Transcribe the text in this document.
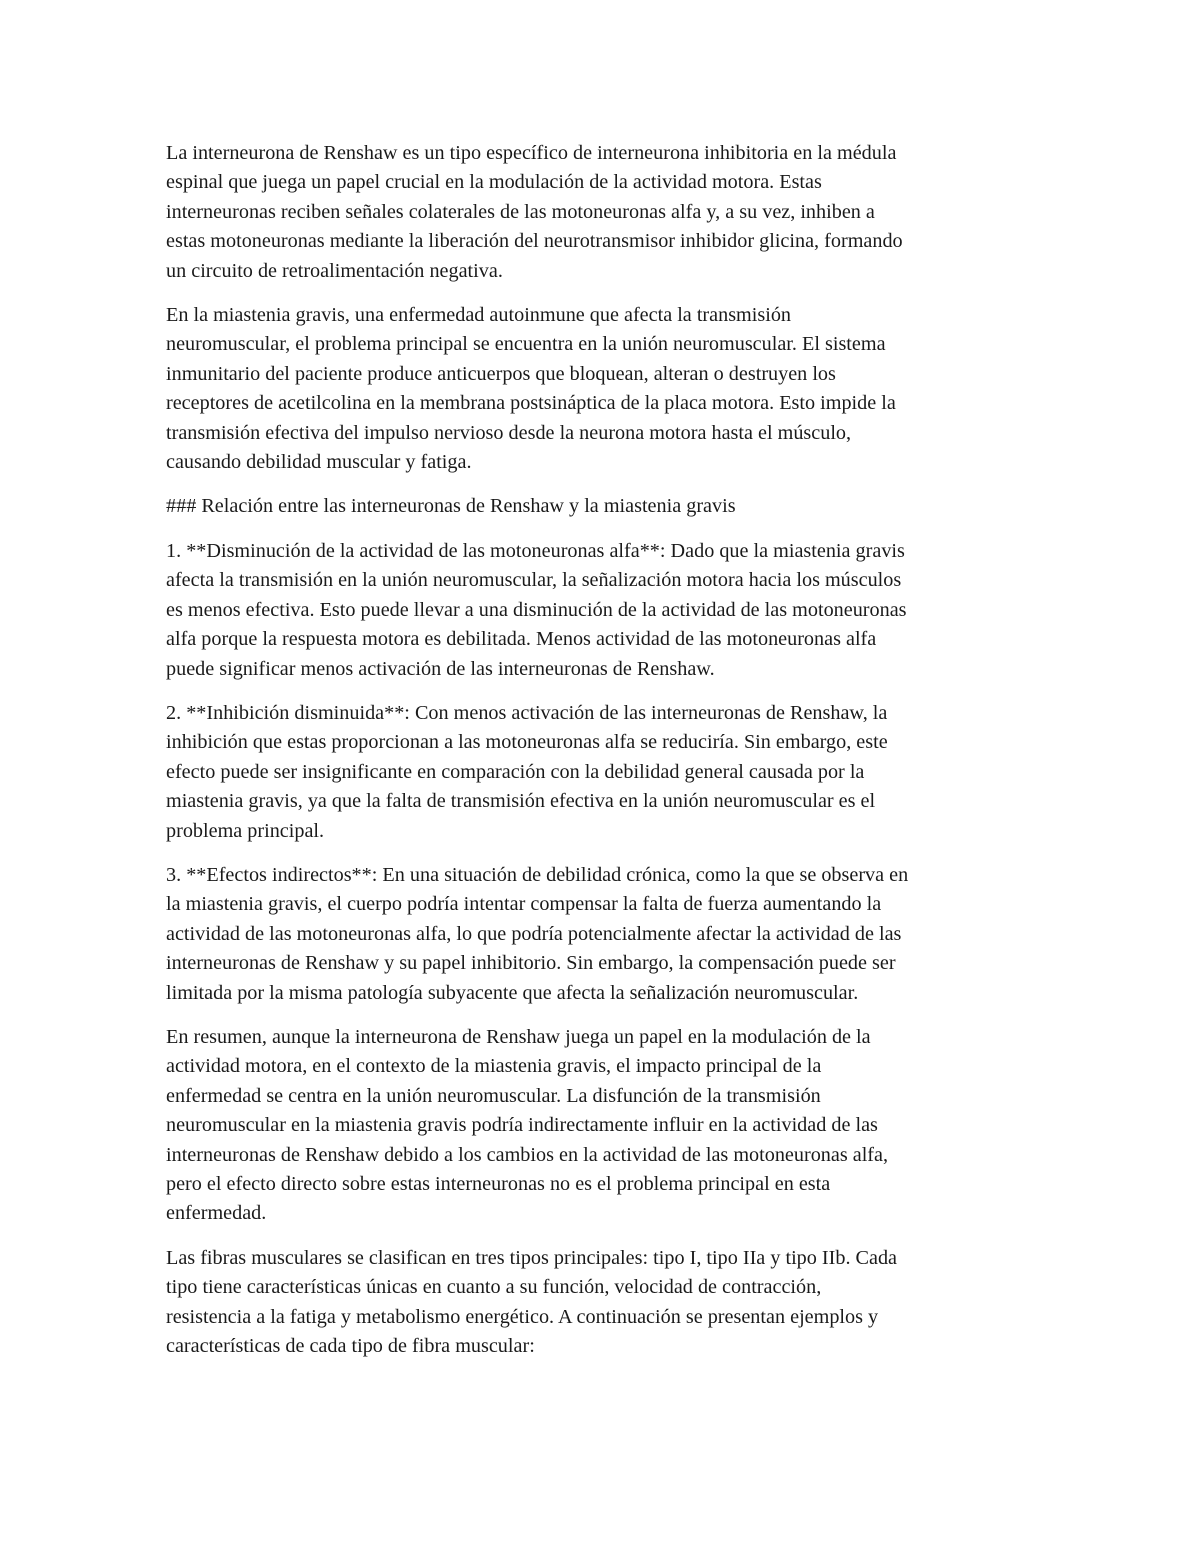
La interneurona de Renshaw es un tipo específico de interneurona inhibitoria en la médula
espinal que juega un papel crucial en la modulación de la actividad motora. Estas
interneuronas reciben señales colaterales de las motoneuronas alfa y, a su vez, inhiben a
estas motoneuronas mediante la liberación del neurotransmisor inhibidor glicina, formando
un circuito de retroalimentación negativa.

En la miastenia gravis, una enfermedad autoinmune que afecta la transmisión
neuromuscular, el problema principal se encuentra en la unión neuromuscular. El sistema
inmunitario del paciente produce anticuerpos que bloquean, alteran o destruyen los
receptores de acetilcolina en la membrana postsináptica de la placa motora. Esto impide la
transmisión efectiva del impulso nervioso desde la neurona motora hasta el músculo,
causando debilidad muscular y fatiga.

### Relación entre las interneuronas de Renshaw y la miastenia gravis

1. **Disminución de la actividad de las motoneuronas alfa**: Dado que la miastenia gravis
afecta la transmisión en la unión neuromuscular, la señalización motora hacia los músculos
es menos efectiva. Esto puede llevar a una disminución de la actividad de las motoneuronas
alfa porque la respuesta motora es debilitada. Menos actividad de las motoneuronas alfa
puede significar menos activación de las interneuronas de Renshaw.

2. **Inhibición disminuida**: Con menos activación de las interneuronas de Renshaw, la
inhibición que estas proporcionan a las motoneuronas alfa se reduciría. Sin embargo, este
efecto puede ser insignificante en comparación con la debilidad general causada por la
miastenia gravis, ya que la falta de transmisión efectiva en la unión neuromuscular es el
problema principal.

3. **Efectos indirectos**: En una situación de debilidad crónica, como la que se observa en
la miastenia gravis, el cuerpo podría intentar compensar la falta de fuerza aumentando la
actividad de las motoneuronas alfa, lo que podría potencialmente afectar la actividad de las
interneuronas de Renshaw y su papel inhibitorio. Sin embargo, la compensación puede ser
limitada por la misma patología subyacente que afecta la señalización neuromuscular.

En resumen, aunque la interneurona de Renshaw juega un papel en la modulación de la
actividad motora, en el contexto de la miastenia gravis, el impacto principal de la
enfermedad se centra en la unión neuromuscular. La disfunción de la transmisión
neuromuscular en la miastenia gravis podría indirectamente influir en la actividad de las
interneuronas de Renshaw debido a los cambios en la actividad de las motoneuronas alfa,
pero el efecto directo sobre estas interneuronas no es el problema principal en esta
enfermedad.

Las fibras musculares se clasifican en tres tipos principales: tipo I, tipo IIa y tipo IIb. Cada
tipo tiene características únicas en cuanto a su función, velocidad de contracción,
resistencia a la fatiga y metabolismo energético. A continuación se presentan ejemplos y
características de cada tipo de fibra muscular:
